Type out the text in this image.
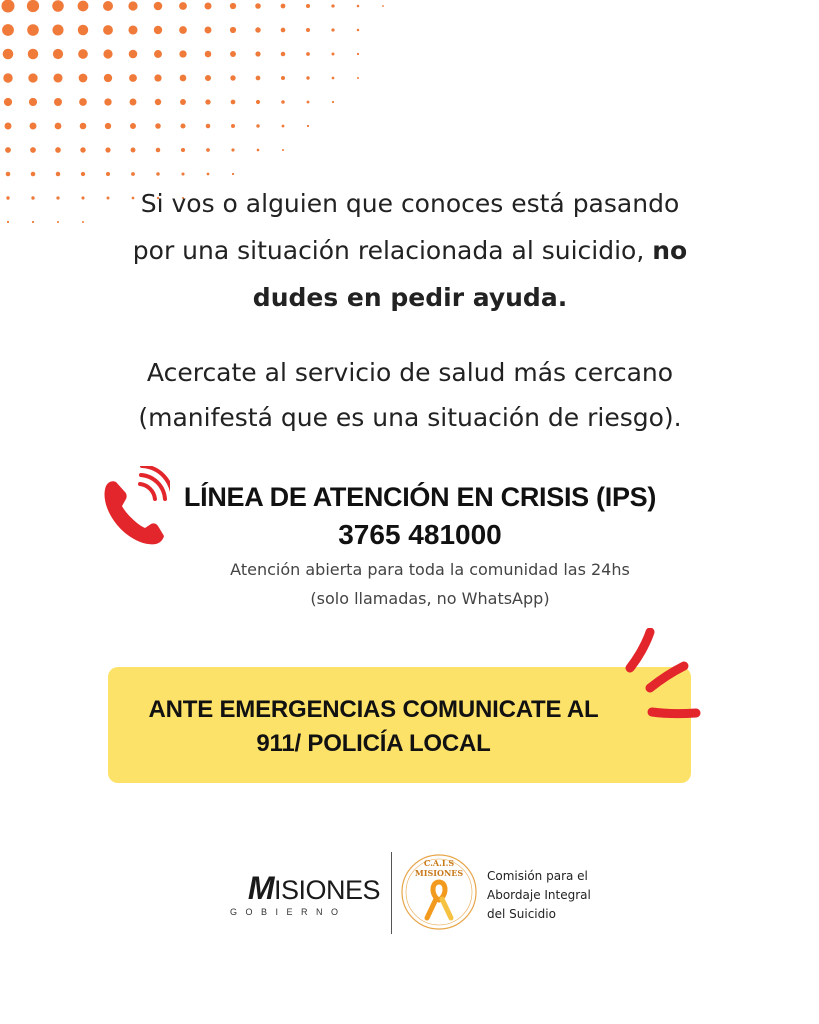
Si vos o alguien que conoces está pasando
por una situación relacionada al suicidio, no
dudes en pedir ayuda.
Acercate al servicio de salud más cercano
(manifestá que es una situación de riesgo).
LÍNEA DE ATENCIÓN EN CRISIS (IPS)
3765 481000
Atención abierta para toda la comunidad las 24hs
(solo llamadas, no WhatsApp)
ANTE EMERGENCIAS COMUNICATE AL
911/ POLICÍA LOCAL
MISIONES
GOBIERNO
C.A.I.S
MISIONES	Comisión para el
Abordaje Integral
del Suicidio
